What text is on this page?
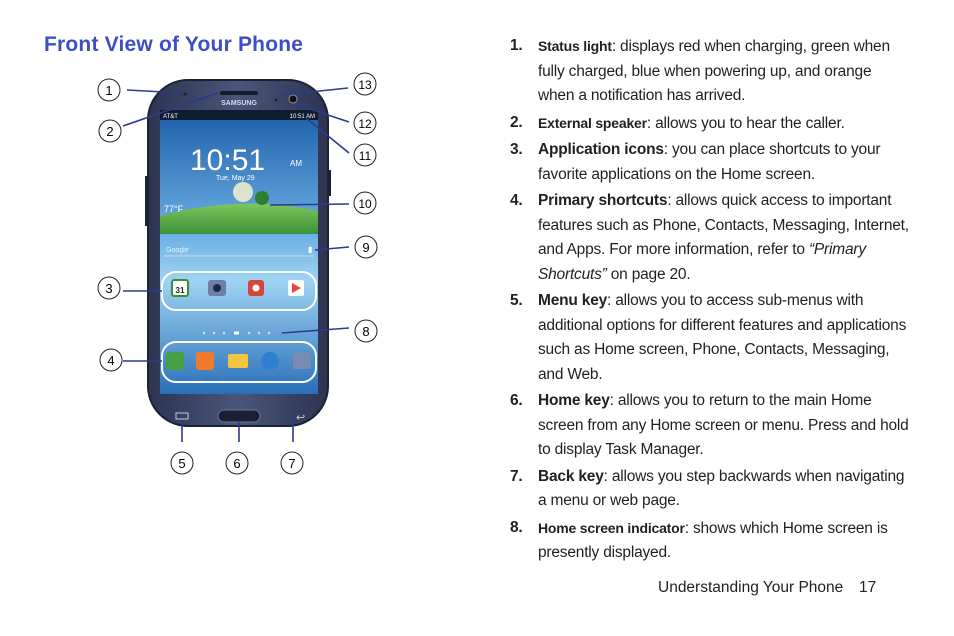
Front View of Your Phone
SAMSUNG
AT&T	10:51 AM
10:51	AM
Tue, May 29
77°F
Google	▮
31
↩
1
2
3
4
5	6	7
8
9
10
11
12
13
1. Status light: displays red when charging, green when fully charged, blue when powering up, and orange when a notification has arrived.
2. External speaker: allows you to hear the caller.
3. Application icons: you can place shortcuts to your favorite applications on the Home screen.
4. Primary shortcuts: allows quick access to important features such as Phone, Contacts, Messaging, Internet, and Apps. For more information, refer to “Primary Shortcuts” on page 20.
5. Menu key: allows you to access sub-menus with additional options for different features and applications such as Home screen, Phone, Contacts, Messaging, and Web.
6. Home key: allows you to return to the main Home screen from any Home screen or menu. Press and hold to display Task Manager.
7. Back key: allows you step backwards when navigating a menu or web page.
8. Home screen indicator: shows which Home screen is presently displayed.
Understanding Your Phone 17
